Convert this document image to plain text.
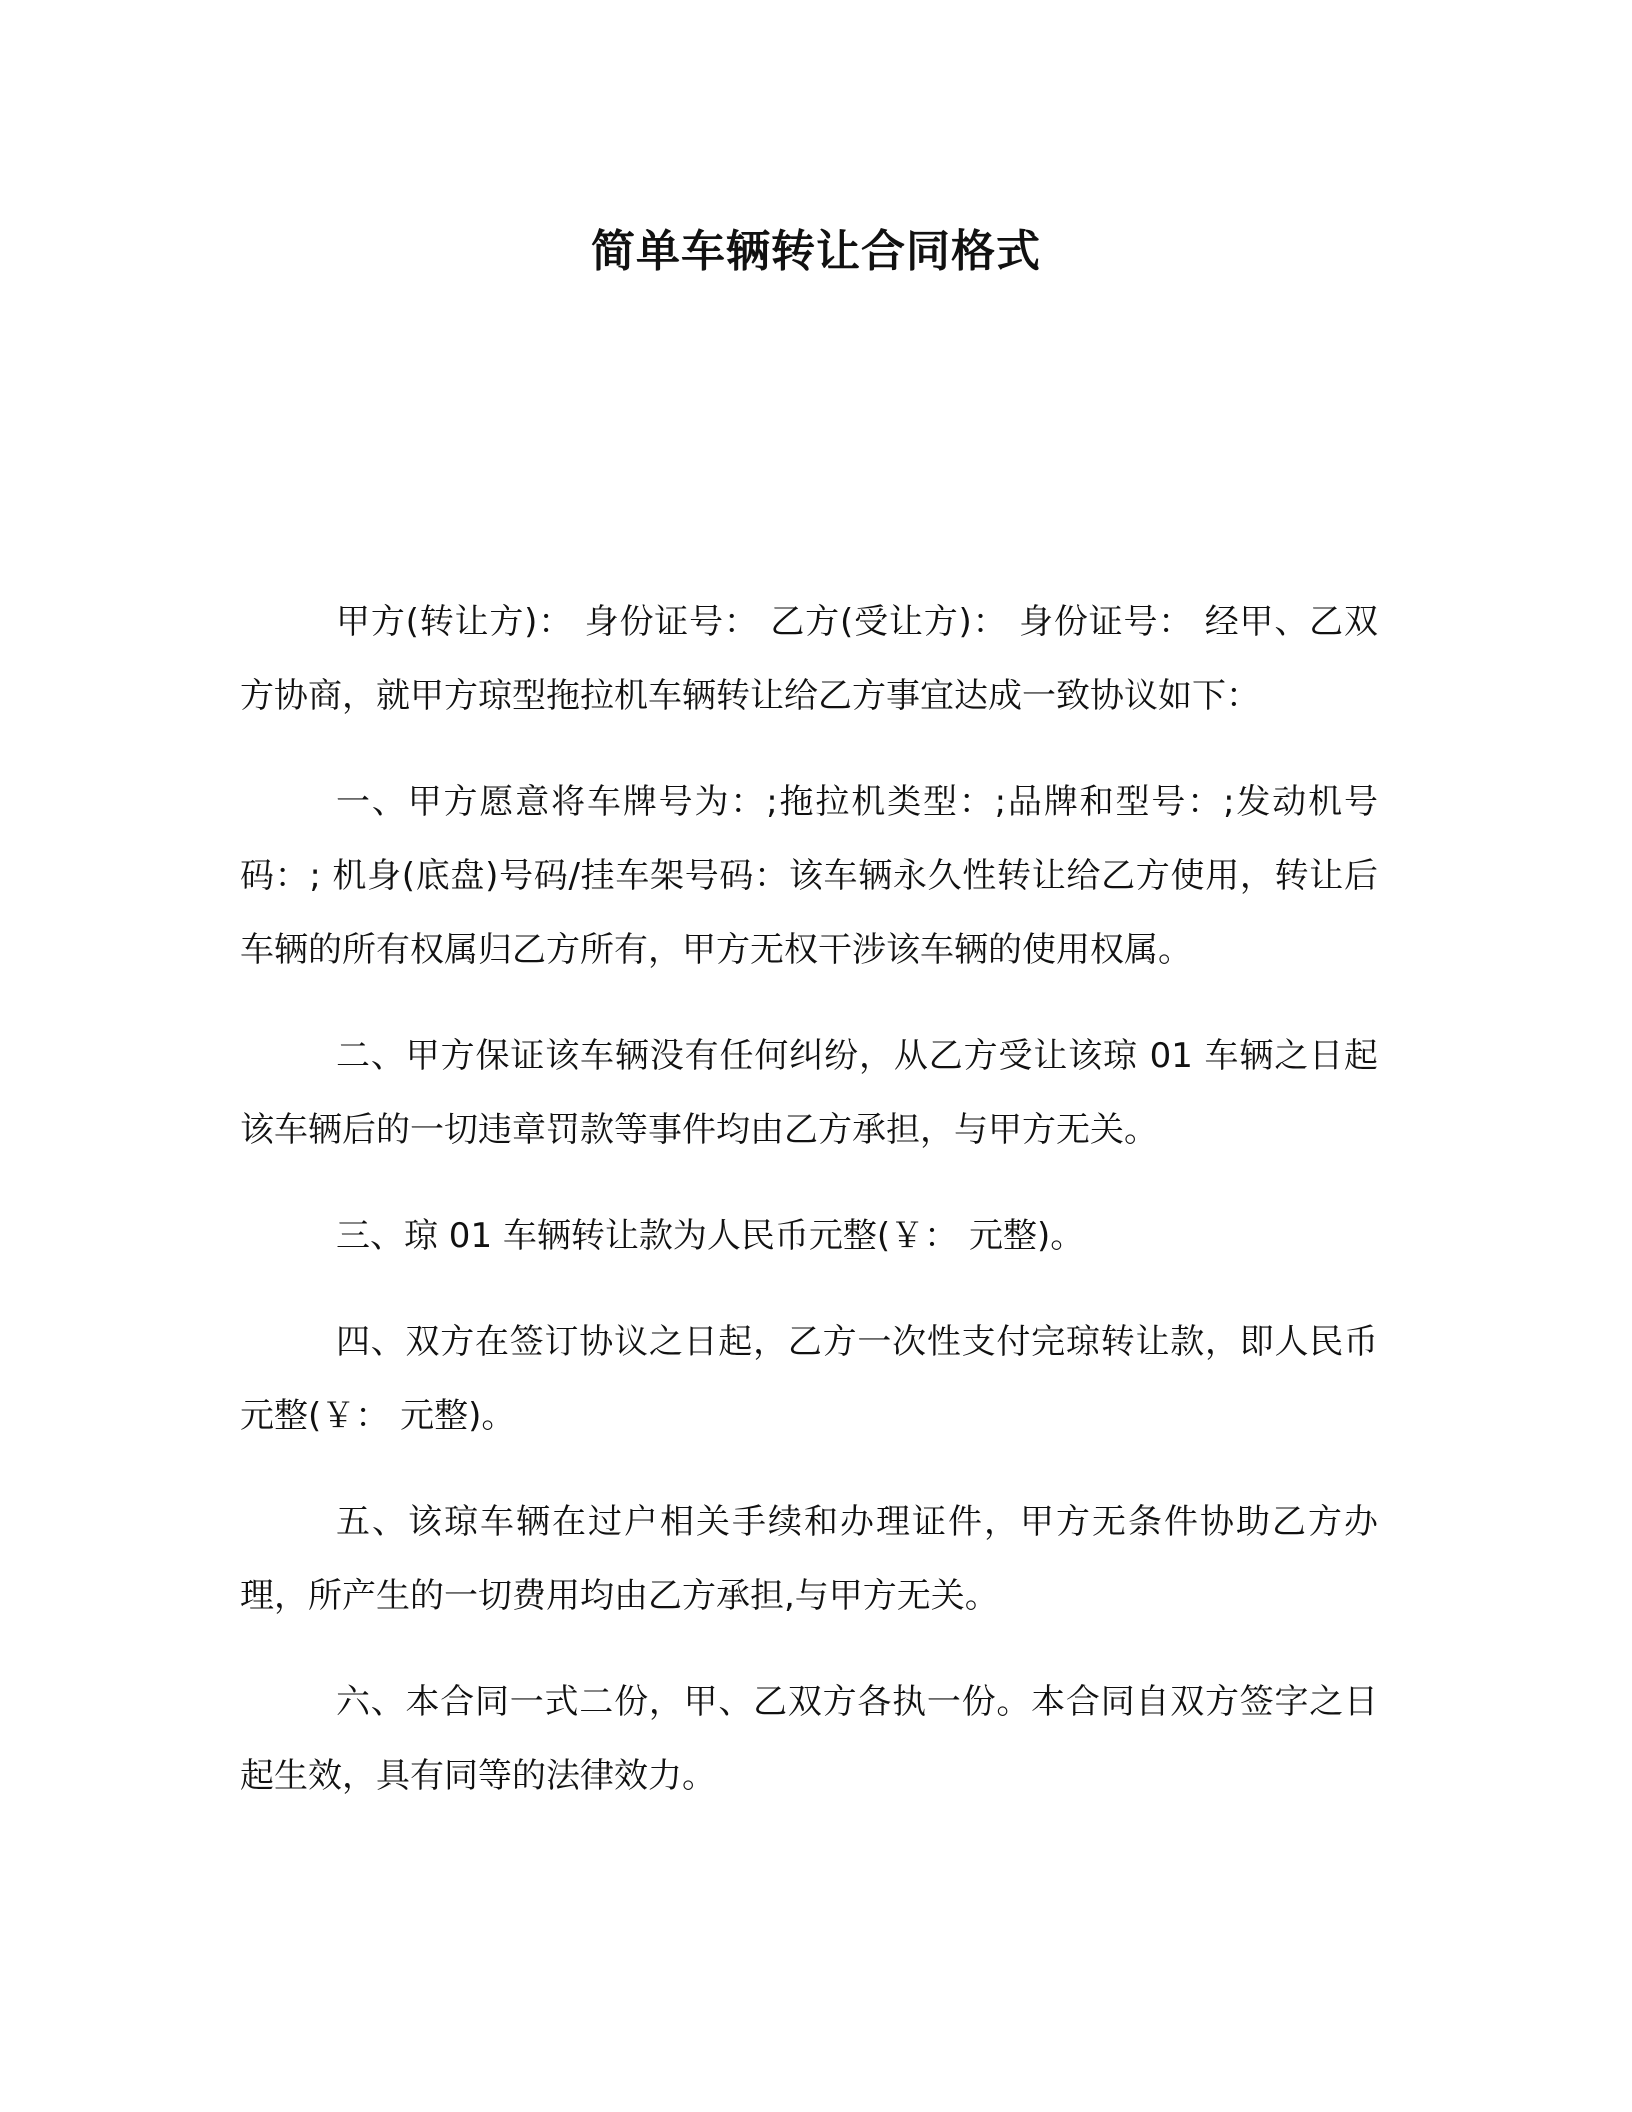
简单车辆转让合同格式

甲方(转让方)： 身份证号： 乙方(受让方)： 身份证号： 经甲、乙双方协商，就甲方琼型拖拉机车辆转让给乙方事宜达成一致协议如下：

一、甲方愿意将车牌号为：;拖拉机类型：;品牌和型号：;发动机号码：; 机身(底盘)号码/挂车架号码：该车辆永久性转让给乙方使用，转让后车辆的所有权属归乙方所有，甲方无权干涉该车辆的使用权属。

二、甲方保证该车辆没有任何纠纷，从乙方受让该琼 01 车辆之日起该车辆后的一切违章罚款等事件均由乙方承担，与甲方无关。

三、琼 01 车辆转让款为人民币元整(￥： 元整)。

四、双方在签订协议之日起，乙方一次性支付完琼转让款，即人民币元整(￥： 元整)。

五、该琼车辆在过户相关手续和办理证件，甲方无条件协助乙方办理，所产生的一切费用均由乙方承担,与甲方无关。

六、本合同一式二份，甲、乙双方各执一份。本合同自双方签字之日起生效，具有同等的法律效力。
